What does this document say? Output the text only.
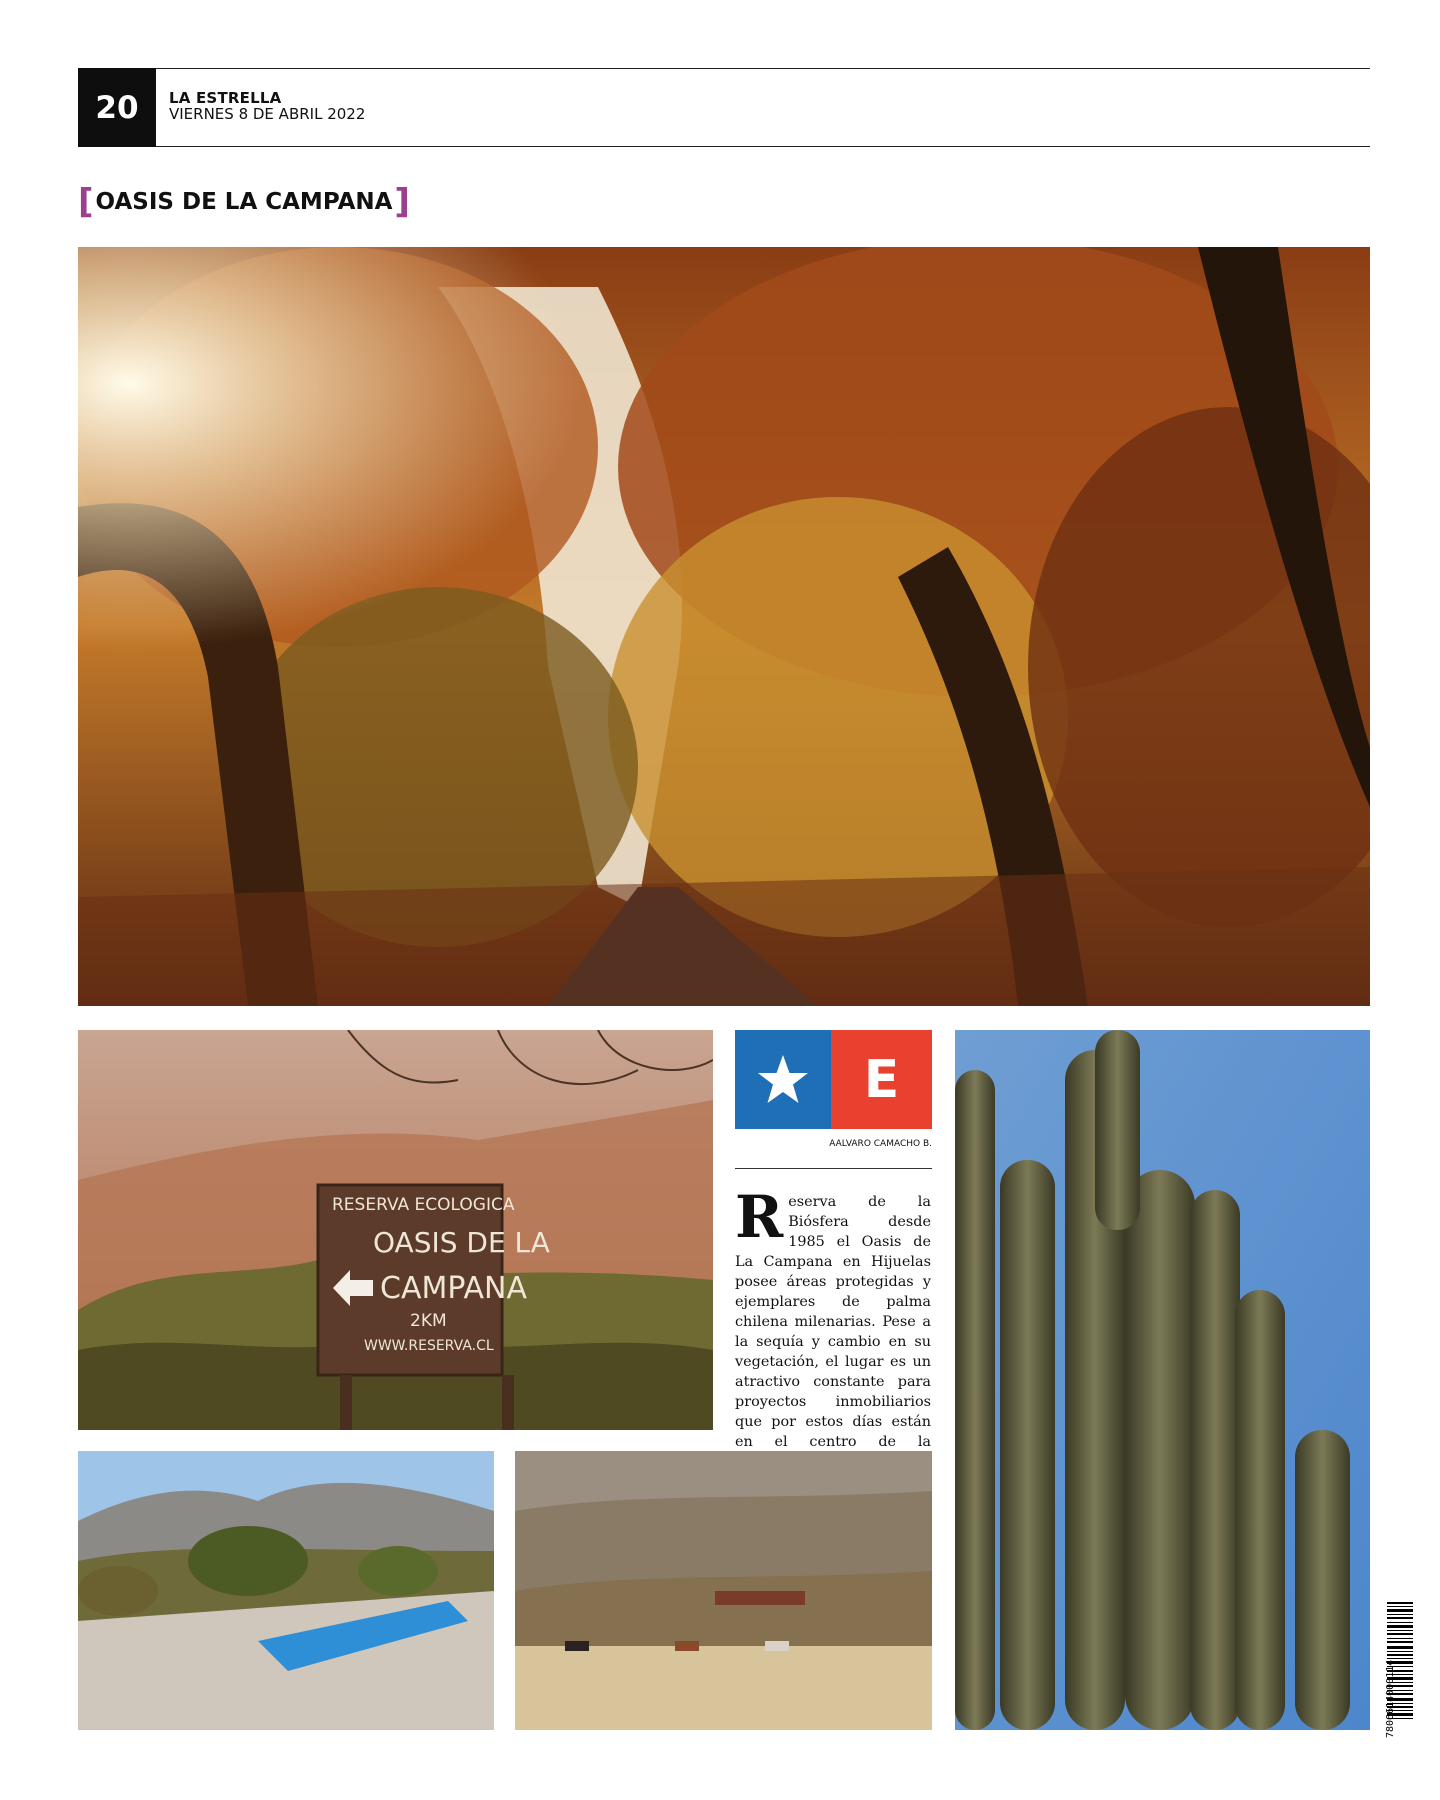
20	LA ESTRELLA
VIERNES 8 DE ABRIL 2022
[ OASIS DE LA CAMPANA ]
RESERVA ECOLOGICA
OASIS DE LA
CAMPANA
2KM
WWW.RESERVA.CL
E
AALVARO CAMACHO B.
Reserva de la Biósfera desde 1985 el Oasis de La Campana en Hijuelas posee áreas protegidas y ejemplares de palma chilena milenarias. Pese a la sequía y cambio en su vegetación, el lugar es un atractivo constante para proyectos inmobiliarios que por estos días están en el centro de la
7806614000114
